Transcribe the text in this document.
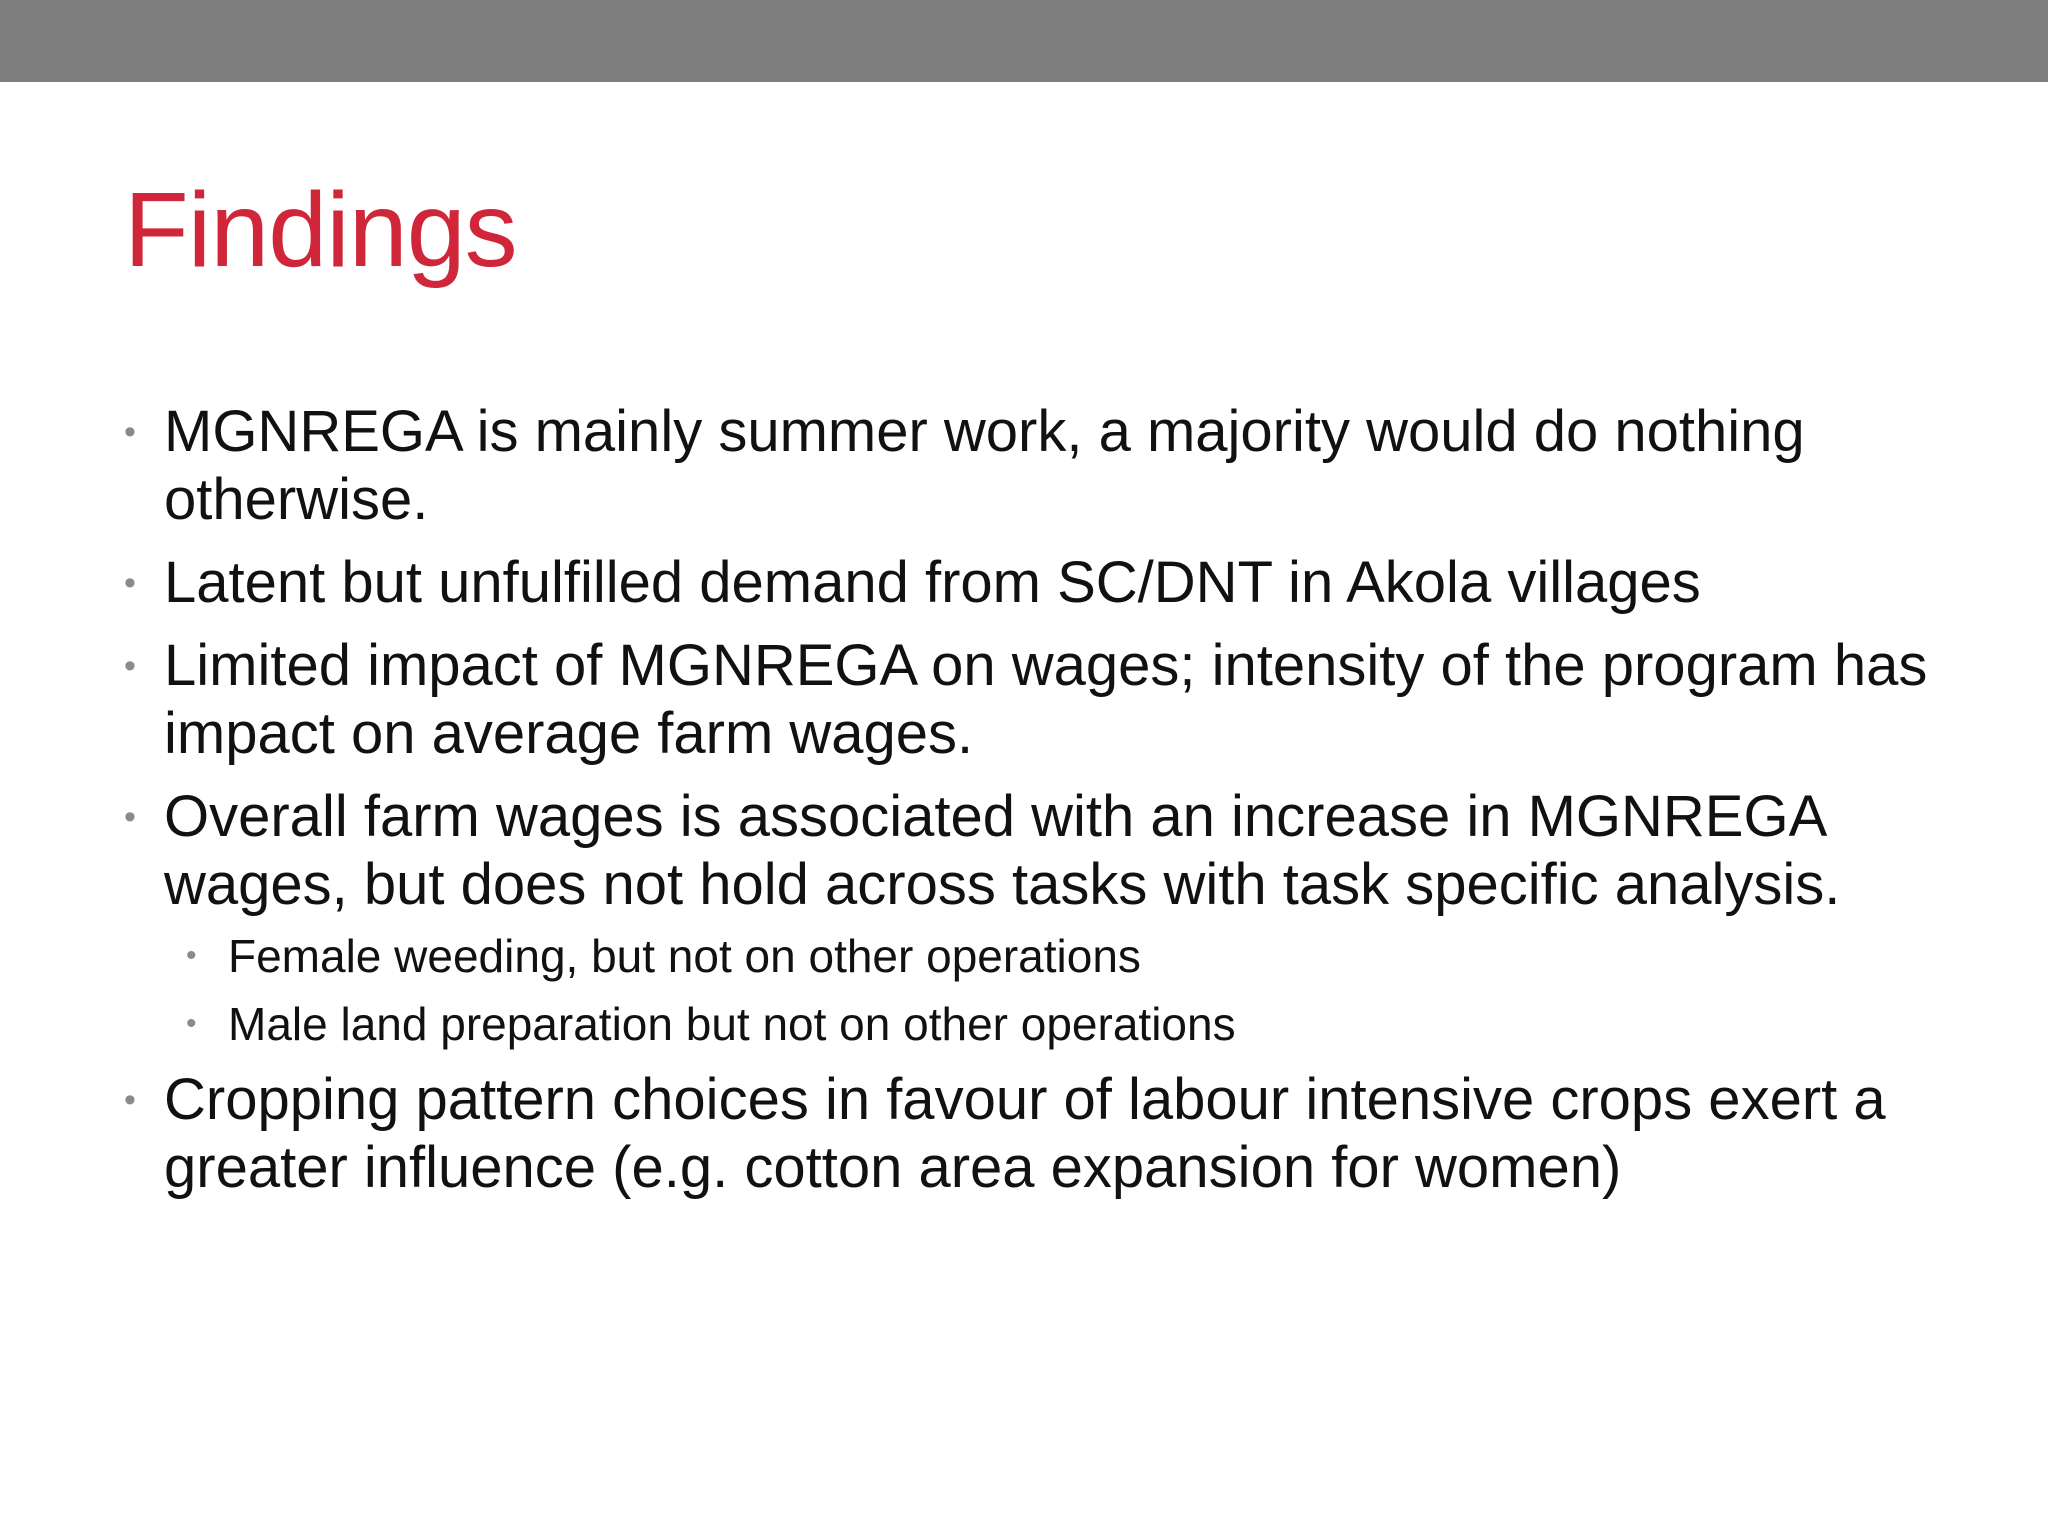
Findings
• MGNREGA is mainly summer work, a majority would do nothing otherwise.
• Latent but unfulfilled demand from SC/DNT in Akola villages
• Limited impact of MGNREGA on wages; intensity of the program has impact on average farm wages.
• Overall farm wages is associated with an increase in MGNREGA wages, but does not hold across tasks with task specific analysis.
• Female weeding, but not on other operations
• Male land preparation but not on other operations
• Cropping pattern choices in favour of labour intensive crops exert a greater influence (e.g. cotton area expansion for women)
